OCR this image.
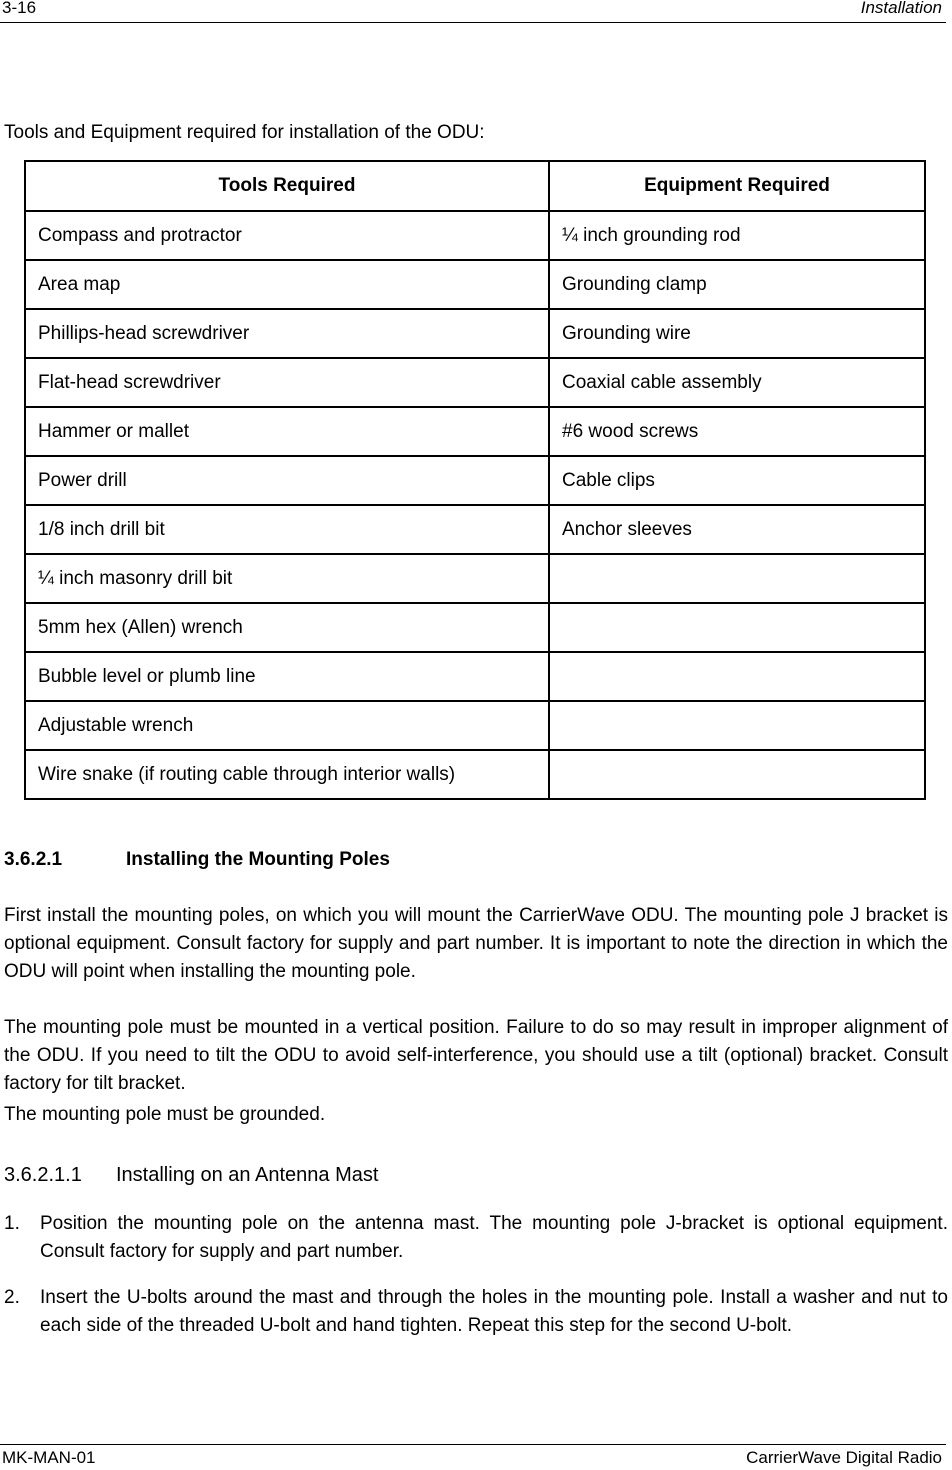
3-16	Installation
Tools and Equipment required for installation of the ODU:
Tools Required	Equipment Required
Compass and protractor	¼ inch grounding rod
Area map	Grounding clamp
Phillips-head screwdriver	Grounding wire
Flat-head screwdriver	Coaxial cable assembly
Hammer or mallet	#6 wood screws
Power drill	Cable clips
1/8 inch drill bit	Anchor sleeves
¼ inch masonry drill bit	
5mm hex (Allen) wrench	
Bubble level or plumb line	
Adjustable wrench	
Wire snake (if routing cable through interior walls)	
3.6.2.1	Installing the Mounting Poles
First install the mounting poles, on which you will mount the CarrierWave ODU. The mounting pole J bracket is optional equipment. Consult factory for supply and part number. It is important to note the direction in which the ODU will point when installing the mounting pole.
The mounting pole must be mounted in a vertical position. Failure to do so may result in improper alignment of the ODU. If you need to tilt the ODU to avoid self-interference, you should use a tilt (optional) bracket. Consult factory for tilt bracket.
The mounting pole must be grounded.
3.6.2.1.1 Installing on an Antenna Mast
1. Position the mounting pole on the antenna mast. The mounting pole J-bracket is optional equipment. Consult factory for supply and part number.
2. Insert the U-bolts around the mast and through the holes in the mounting pole. Install a washer and nut to each side of the threaded U-bolt and hand tighten. Repeat this step for the second U-bolt.
MK-MAN-01	CarrierWave Digital Radio
